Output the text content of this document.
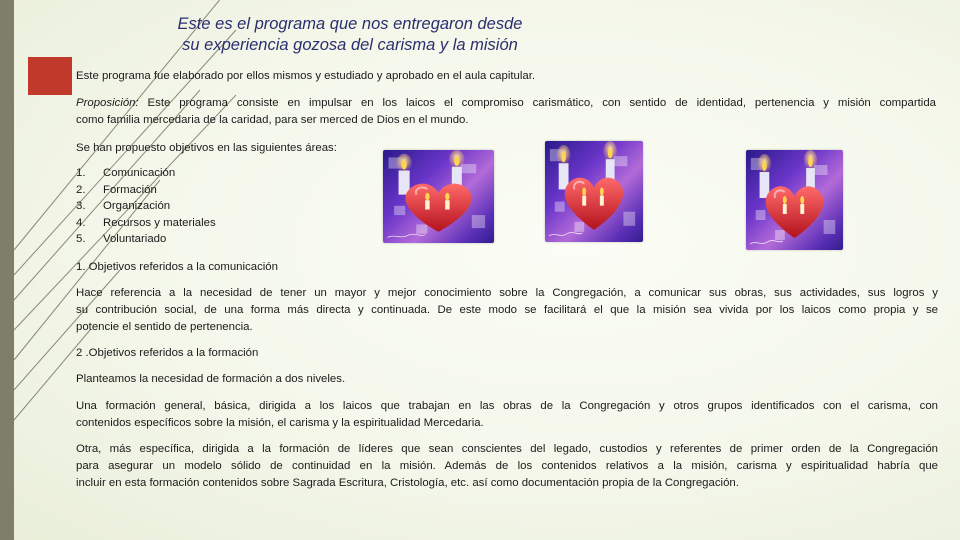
Este es el programa que nos entregaron desde
su experiencia gozosa del carisma y la misión
Este programa fue elaborado por ellos mismos y estudiado y aprobado en el aula capitular.
Proposición: Este programa consiste en impulsar en los laicos el compromiso carismático, con sentido de identidad, pertenencia y misión compartida
como familia mercedaria de la caridad, para ser merced de Dios en el mundo.
Se han propuesto objetivos en las siguientes áreas:
1.	Comunicación
2.	Formación
3.	Organización
4.	Recursos y materiales
5.	Voluntariado
1. Objetivos referidos a la comunicación
Hace referencia a la necesidad de tener un mayor y mejor conocimiento sobre la Congregación, a comunicar sus obras, sus actividades, sus logros y
su contribución social, de una forma más directa y continuada. De este modo se facilitará el que la misión sea vivida por los laicos como propia y se
potencie el sentido de pertenencia.
2 .Objetivos referidos a la formación
Planteamos la necesidad de formación a dos niveles.
Una formación general, básica, dirigida a los laicos que trabajan en las obras de la Congregación y otros grupos identificados con el carisma, con
contenidos específicos sobre la misión, el carisma y la espiritualidad Mercedaria.
Otra, más específica, dirigida a la formación de líderes que sean conscientes del legado, custodios y referentes de primer orden de la Congregación
para asegurar un modelo sólido de continuidad en la misión. Además de los contenidos relativos a la misión, carisma y espiritualidad habría que
incluir en esta formación contenidos sobre Sagrada Escritura, Cristología, etc. así como documentación propia de la Congregación.
